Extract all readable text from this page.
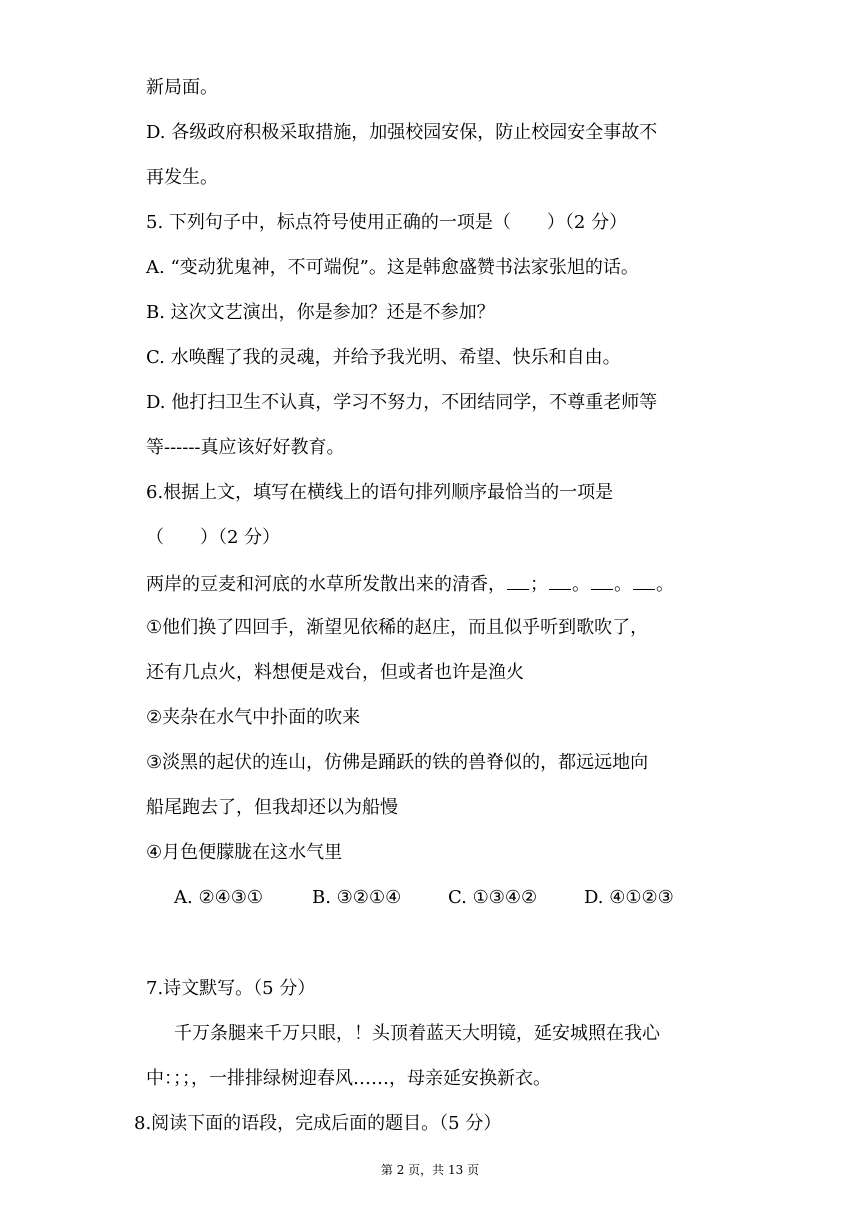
新局面。
D. 各级政府积极采取措施，加强校园安保，防止校园安全事故不
再发生。
5. 下列句子中，标点符号使用正确的一项是（　　）（2 分）
A. “变动犹鬼神，不可端倪”。这是韩愈盛赞书法家张旭的话。
B. 这次文艺演出，你是参加？还是不参加？
C. 水唤醒了我的灵魂，并给予我光明、希望、快乐和自由。
D. 他打扫卫生不认真，学习不努力，不团结同学，不尊重老师等
等------真应该好好教育。
6.根据上文，填写在横线上的语句排列顺序最恰当的一项是
（　　）（2 分）
两岸的豆麦和河底的水草所发散出来的清香， ； 。 。 。
①他们换了四回手，渐望见依稀的赵庄，而且似乎听到歌吹了，
还有几点火，料想便是戏台，但或者也许是渔火
②夹杂在水气中扑面的吹来
③淡黑的起伏的连山，仿佛是踊跃的铁的兽脊似的，都远远地向
船尾跑去了，但我却还以为船慢
④月色便朦胧在这水气里
A. ②④③①	B. ③②①④	C. ①③④②	D. ④①②③
7.诗文默写。（5 分）
千万条腿来千万只眼，！头顶着蓝天大明镜，延安城照在我心
中：；；，一排排绿树迎春风……，母亲延安换新衣。
8.阅读下面的语段，完成后面的题目。（5 分）
第 2 页，共 13 页
